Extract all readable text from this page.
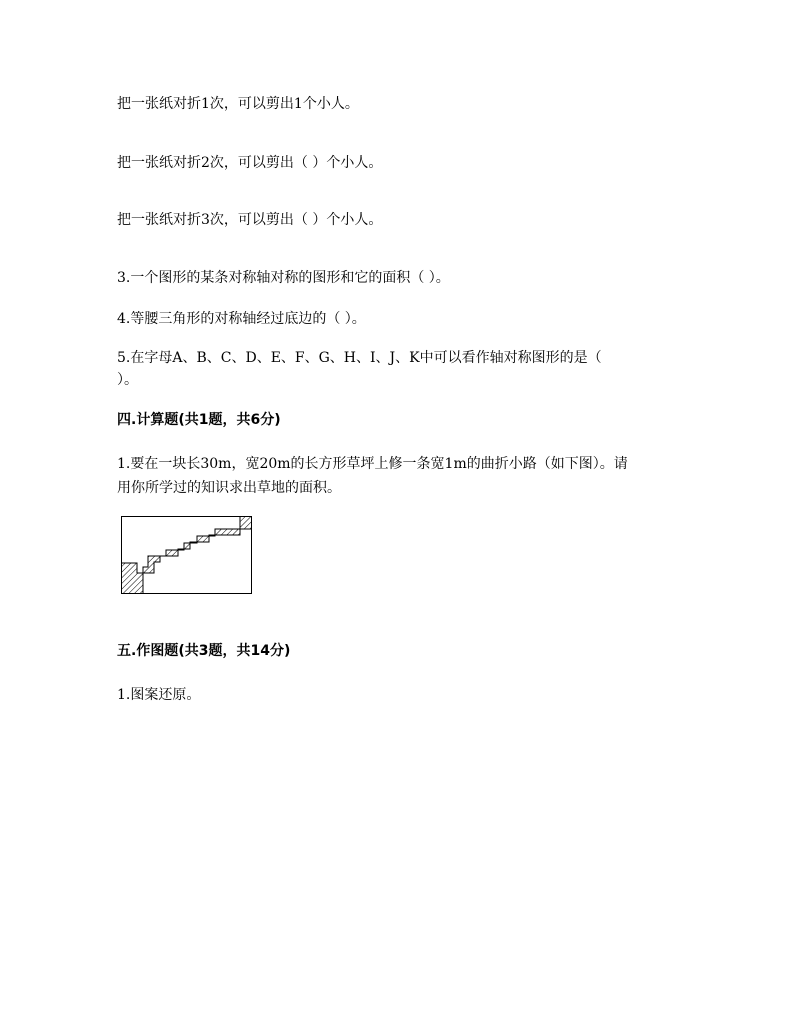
把一张纸对折1次，可以剪出1个小人。
把一张纸对折2次，可以剪出（ ）个小人。
把一张纸对折3次，可以剪出（ ）个小人。
3.一个图形的某条对称轴对称的图形和它的面积（ ）。
4.等腰三角形的对称轴经过底边的（ ）。
5.在字母A、B、C、D、E、F、G、H、I、J、K中可以看作轴对称图形的是（
）。
四.计算题(共1题，共6分)
1.要在一块长30m，宽20m的长方形草坪上修一条宽1m的曲折小路（如下图）。请
用你所学过的知识求出草地的面积。
五.作图题(共3题，共14分)
1.图案还原。
